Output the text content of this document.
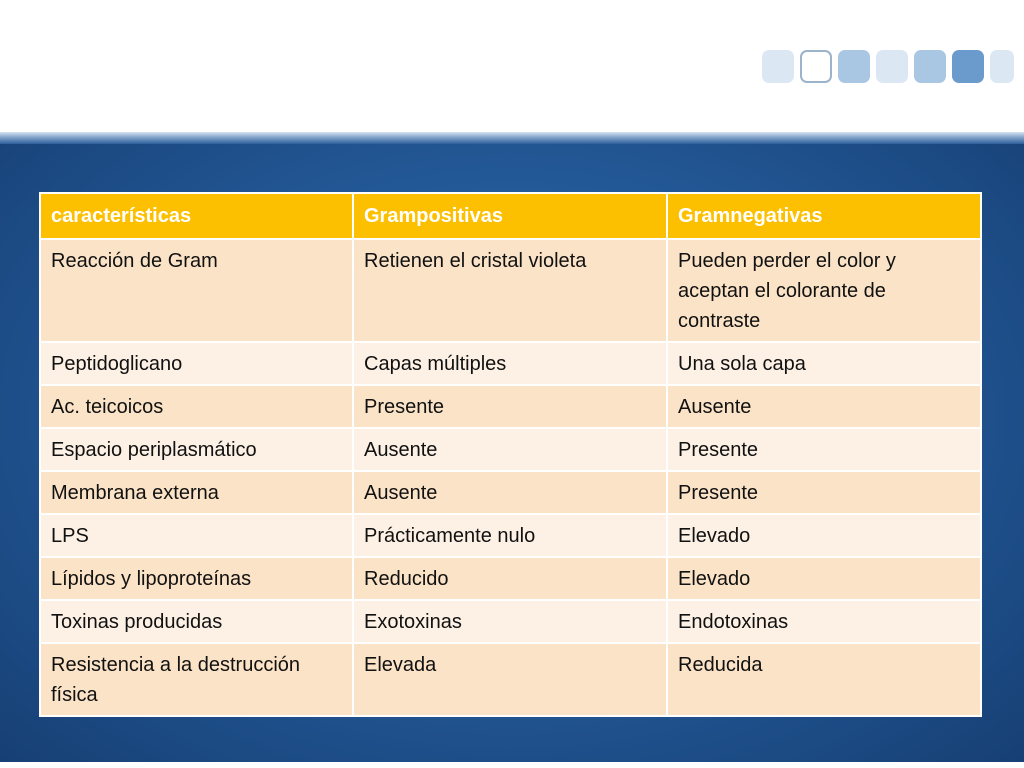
características	Grampositivas	Gramnegativas
Reacción de Gram	Retienen el cristal violeta	Pueden perder el color y aceptan el colorante de contraste
Peptidoglicano	Capas múltiples	Una sola capa
Ac. teicoicos	Presente	Ausente
Espacio periplasmático	Ausente	Presente
Membrana externa	Ausente	Presente
LPS	Prácticamente nulo	Elevado
Lípidos y lipoproteínas	Reducido	Elevado
Toxinas producidas	Exotoxinas	Endotoxinas
Resistencia a la destrucción física	Elevada	Reducida
